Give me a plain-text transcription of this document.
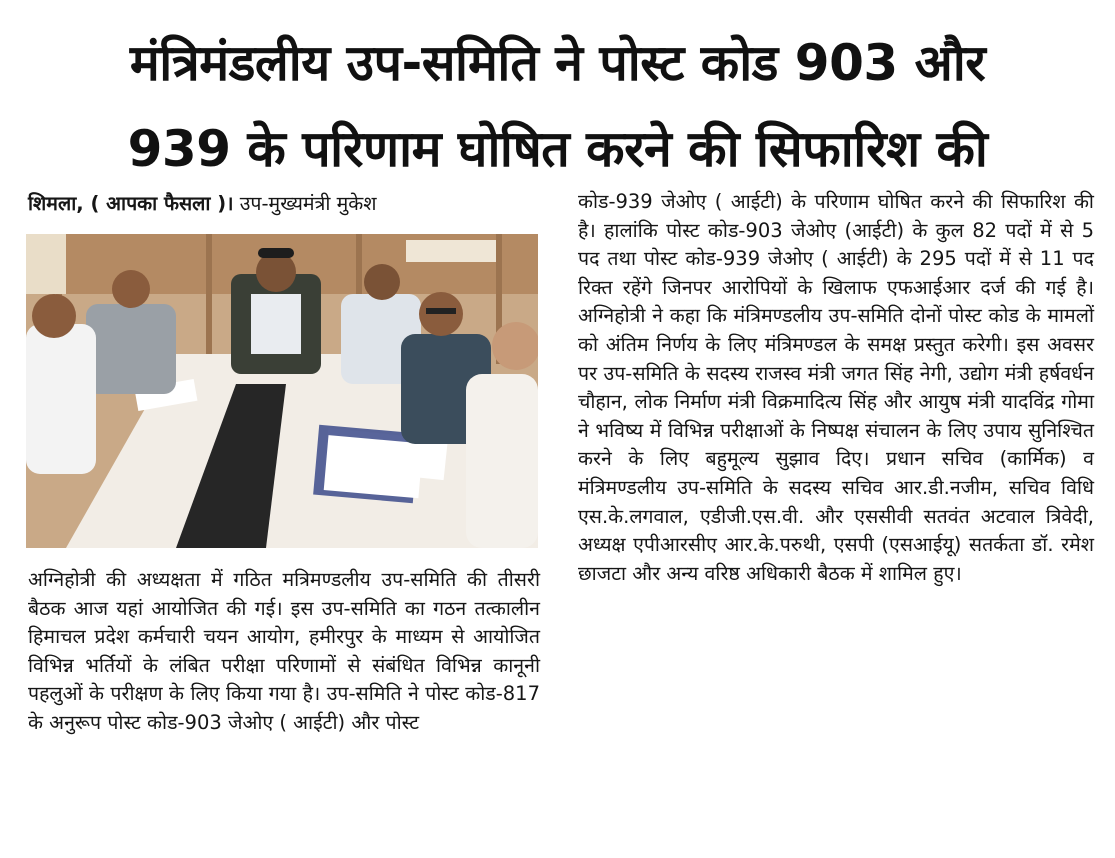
मंत्रिमंडलीय उप-समिति ने पोस्ट कोड 903 और
939 के परिणाम घोषित करने की सिफारिश की
शिमला, ( आपका फैसला )। उप-मुख्यमंत्री मुकेश
अग्निहोत्री की अध्यक्षता में गठित मत्रिमण्डलीय उप-समिति की तीसरी बैठक आज यहां आयोजित की गई। इस उप-समिति का गठन तत्कालीन हिमाचल प्रदेश कर्मचारी चयन आयोग, हमीरपुर के माध्यम से आयोजित विभिन्न भर्तियों के लंबित परीक्षा परिणामों से संबंधित विभिन्न कानूनी पहलुओं के परीक्षण के लिए किया गया है। उप-समिति ने पोस्ट कोड-817 के अनुरूप पोस्ट कोड-903 जेओए ( आईटी) और पोस्ट
कोड-939 जेओए ( आईटी) के परिणाम घोषित करने की सिफारिश की है। हालांकि पोस्ट कोड-903 जेओए (आईटी) के कुल 82 पदों में से 5 पद तथा पोस्ट कोड-939 जेओए ( आईटी) के 295 पदों में से 11 पद रिक्त रहेंगे जिनपर आरोपियों के खिलाफ एफआईआर दर्ज की गई है।अग्निहोत्री ने कहा कि मंत्रिमण्डलीय उप-समिति दोनों पोस्ट कोड के मामलों को अंतिम निर्णय के लिए मंत्रिमण्डल के समक्ष प्रस्तुत करेगी। इस अवसर पर उप-समिति के सदस्य राजस्व मंत्री जगत सिंह नेगी, उद्योग मंत्री हर्षवर्धन चौहान, लोक निर्माण मंत्री विक्रमादित्य सिंह और आयुष मंत्री यादविंद्र गोमा ने भविष्य में विभिन्न परीक्षाओं के निष्पक्ष संचालन के लिए उपाय सुनिश्चित करने के लिए बहुमूल्य सुझाव दिए। प्रधान सचिव (कार्मिक) व मंत्रिमण्डलीय उप-समिति के सदस्य सचिव आर.डी.नजीम, सचिव विधि एस.के.लगवाल, एडीजी.एस.वी. और एससीवी सतवंत अटवाल त्रिवेदी, अध्यक्ष एपीआरसीए आर.के.परुथी, एसपी (एसआईयू) सतर्कता डॉ. रमेश छाजटा और अन्य वरिष्ठ अधिकारी बैठक में शामिल हुए।
